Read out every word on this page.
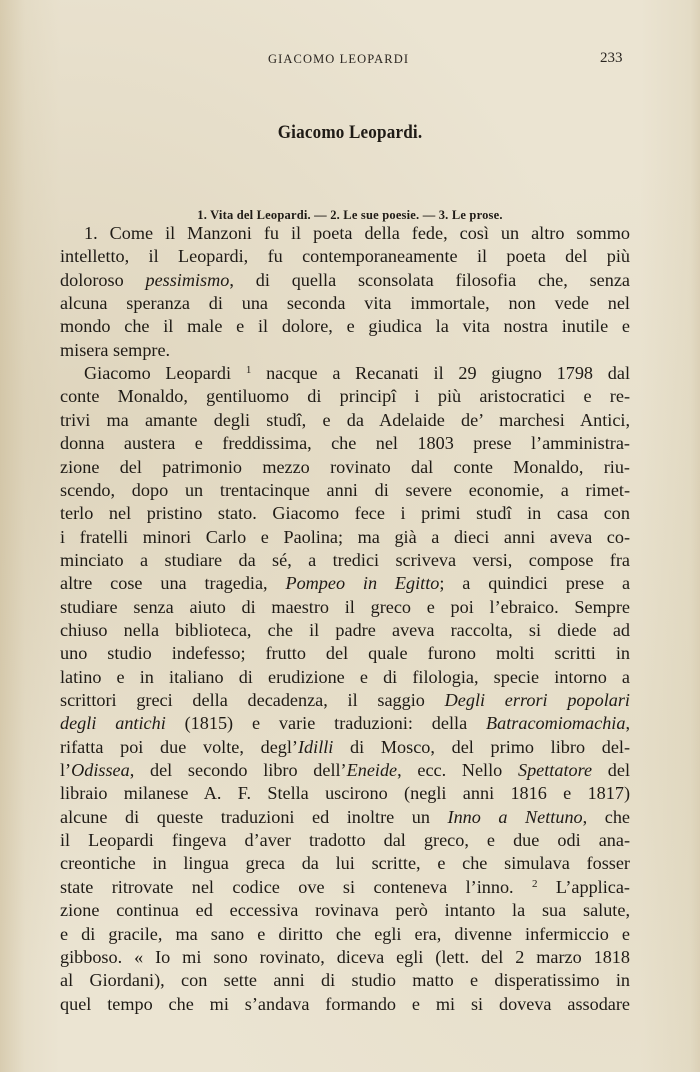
GIACOMO LEOPARDI	233
Giacomo Leopardi.
1. Vita del Leopardi. — 2. Le sue poesie. — 3. Le prose.
1. Come il Manzoni fu il poeta della fede, così un altro sommo
intelletto, il Leopardi, fu contemporaneamente il poeta del più
doloroso pessimismo, di quella sconsolata filosofia che, senza
alcuna speranza di una seconda vita immortale, non vede nel
mondo che il male e il dolore, e giudica la vita nostra inutile e
misera sempre.
Giacomo Leopardi $^1$ nacque a Recanati il 29 giugno 1798 dal
conte Monaldo, gentiluomo di principî i più aristocratici e re-
trivi ma amante degli studî, e da Adelaide de’ marchesi Antici,
donna austera e freddissima, che nel 1803 prese l’amministra-
zione del patrimonio mezzo rovinato dal conte Monaldo, riu-
scendo, dopo un trentacinque anni di severe economie, a rimet-
terlo nel pristino stato. Giacomo fece i primi studî in casa con
i fratelli minori Carlo e Paolina; ma già a dieci anni aveva co-
minciato a studiare da sé, a tredici scriveva versi, compose fra
altre cose una tragedia, Pompeo in Egitto; a quindici prese a
studiare senza aiuto di maestro il greco e poi l’ebraico. Sempre
chiuso nella biblioteca, che il padre aveva raccolta, si diede ad
uno studio indefesso; frutto del quale furono molti scritti in
latino e in italiano di erudizione e di filologia, specie intorno a
scrittori greci della decadenza, il saggio Degli errori popolari
degli antichi (1815) e varie traduzioni: della Batracomiomachia,
rifatta poi due volte, degl’Idilli di Mosco, del primo libro del-
l’Odissea, del secondo libro dell’Eneide, ecc. Nello Spettatore del
libraio milanese A. F. Stella uscirono (negli anni 1816 e 1817)
alcune di queste traduzioni ed inoltre un Inno a Nettuno, che
il Leopardi fingeva d’aver tradotto dal greco, e due odi ana-
creontiche in lingua greca da lui scritte, e che simulava fosser
state ritrovate nel codice ove si conteneva l’inno. $^2$ L’applica-
zione continua ed eccessiva rovinava però intanto la sua salute,
e di gracile, ma sano e diritto che egli era, divenne infermiccio e
gibboso. « Io mi sono rovinato, diceva egli (lett. del 2 marzo 1818
al Giordani), con sette anni di studio matto e disperatissimo in
quel tempo che mi s’andava formando e mi si doveva assodare
